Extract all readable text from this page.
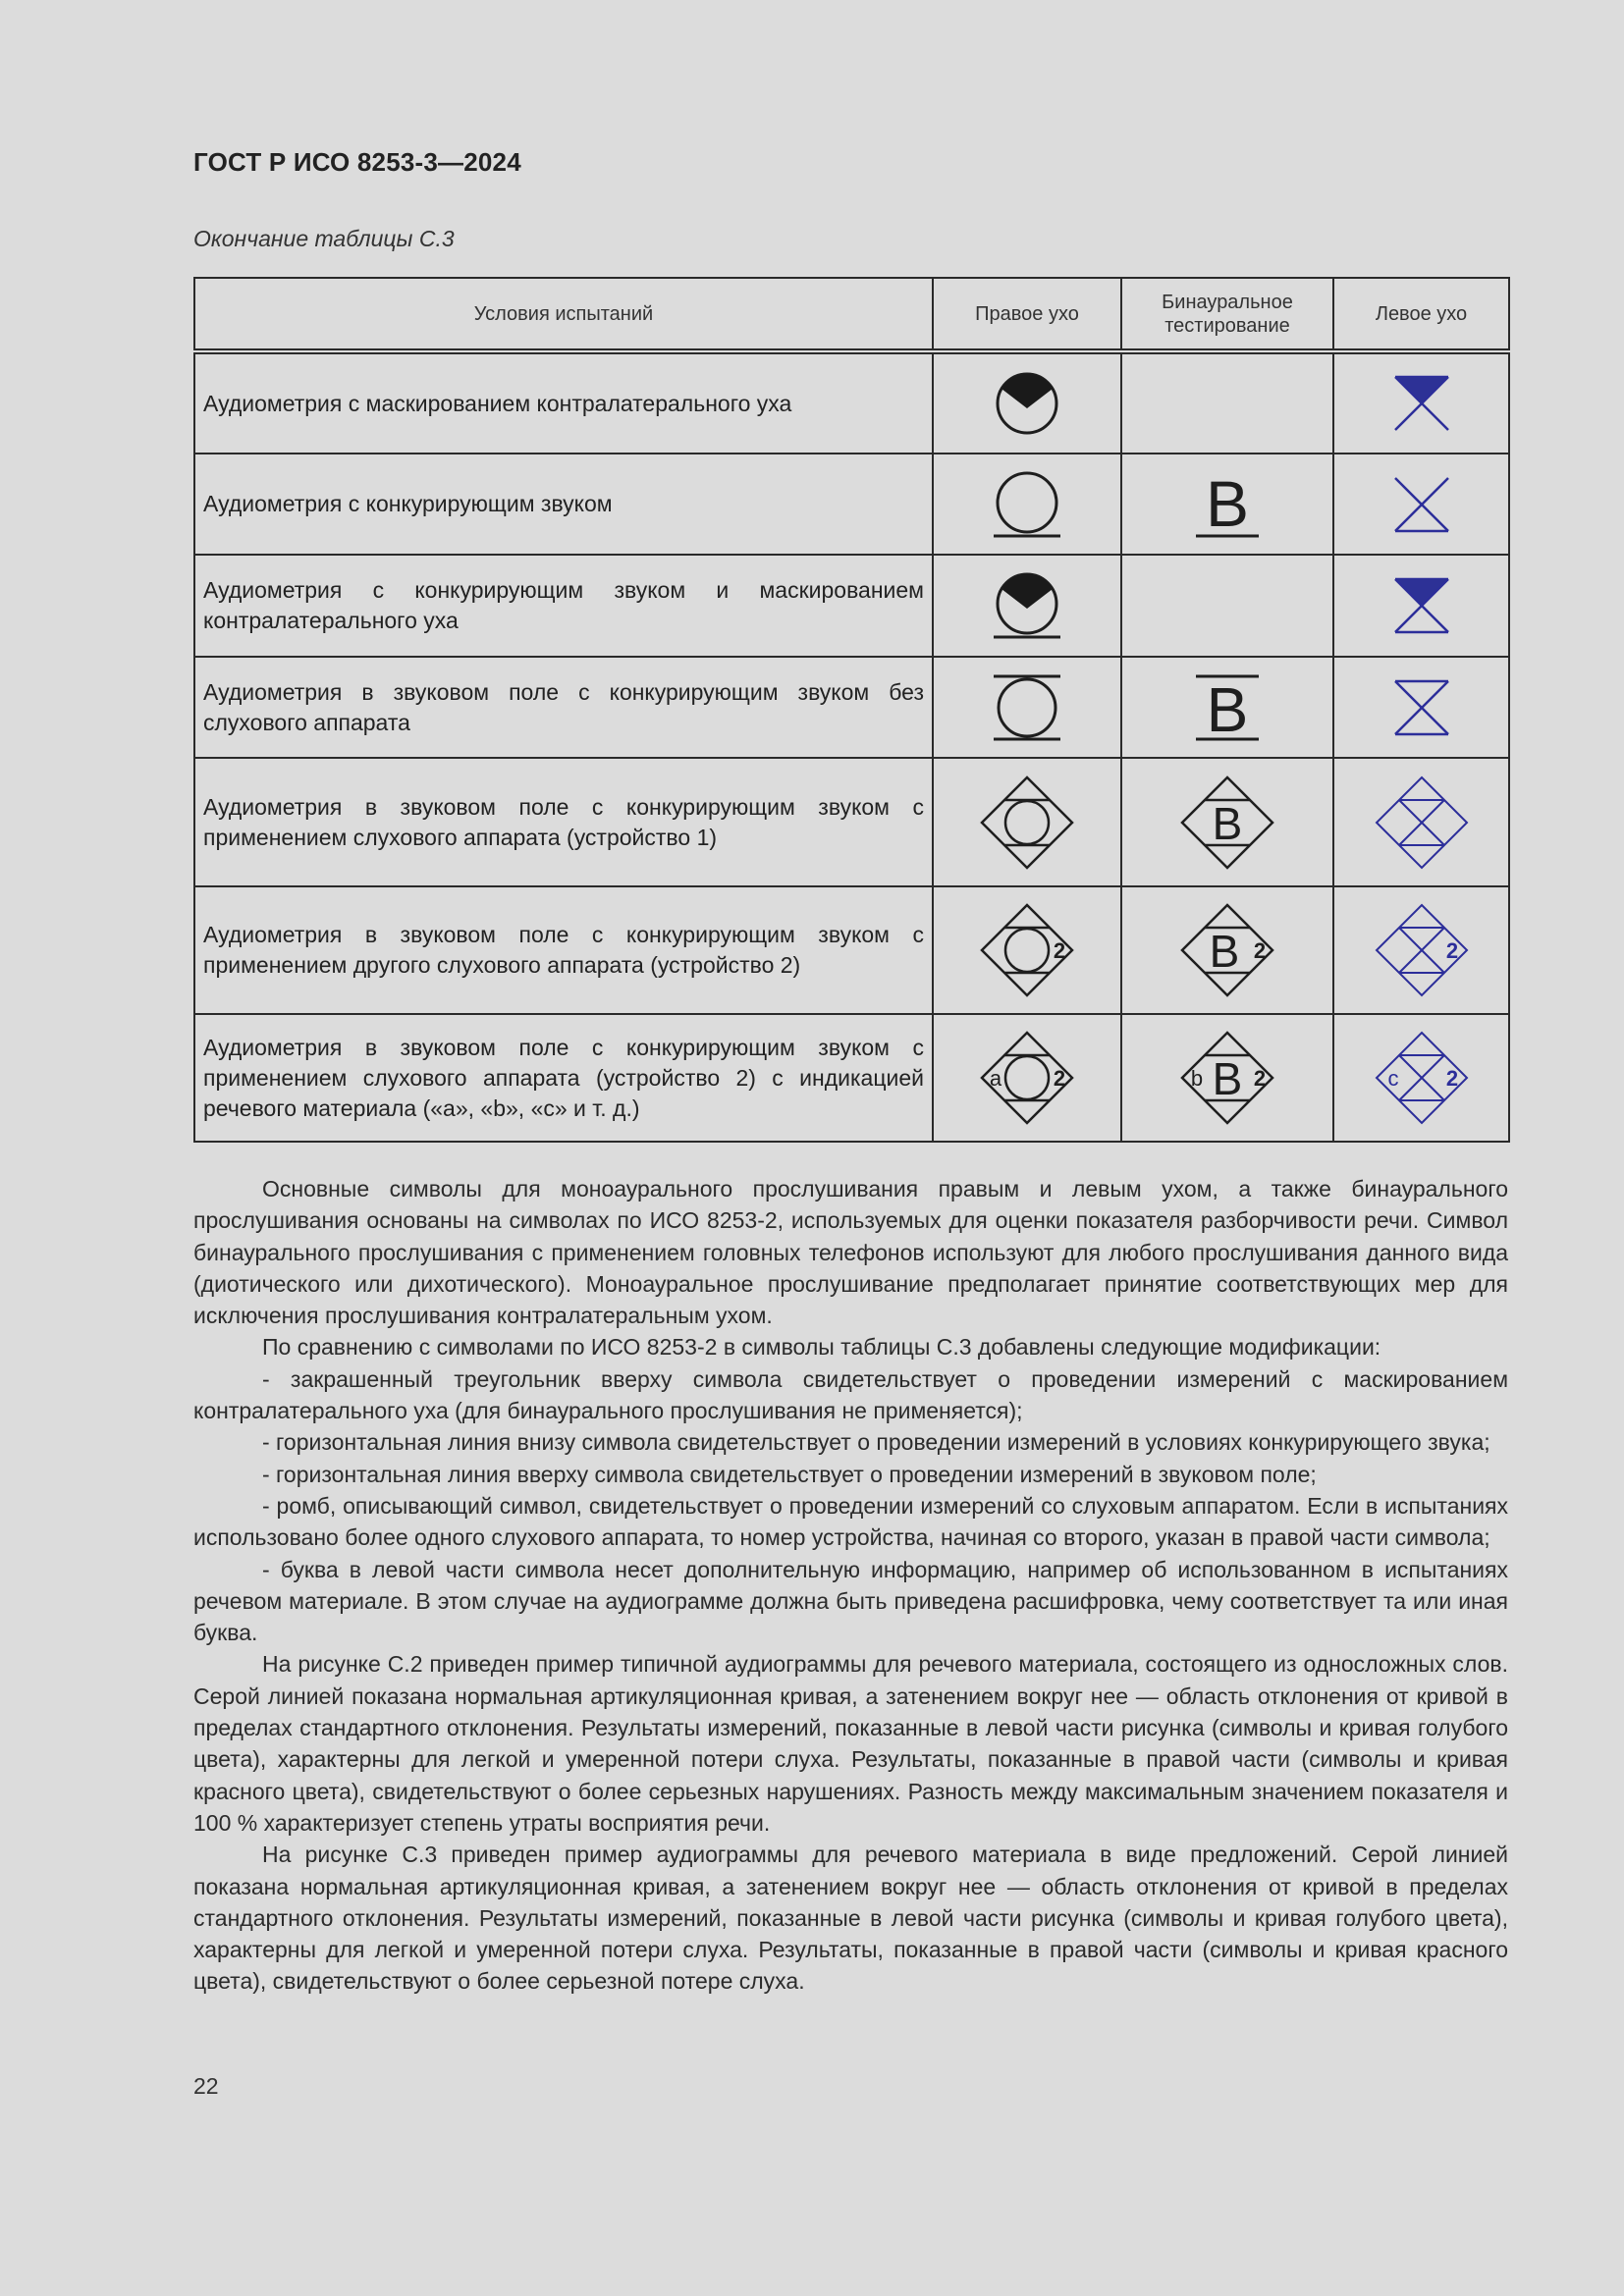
ГОСТ Р ИСО 8253-3—2024
Окончание таблицы С.3
Условия испытаний	Правое ухо	Бинауральное тестирование	Левое ухо
Аудиометрия с маскированием контралатерального уха	

Аудиометрия с конкурирующим звуком		B

Аудиометрия с конкурирующим звуком и маскированием контралатерального уха	

Аудиометрия в звуковом поле с конкурирующим звуком без слухового аппарата		B

Аудиометрия в звуковом поле с конкурирующим звуком с применением слухового аппарата (устройство 1)		B

Аудиометрия в звуковом поле с конкурирующим звуком с применением другого слухового аппарата (устройство 2)	2	B 2	2

Аудиометрия в звуковом поле с конкурирующим звуком с применением слухового аппарата (устройство 2) с индикацией речевого материала («a», «b», «c» и т. д.)	a 2	b B 2	c 2

Основные символы для моноаурального прослушивания правым и левым ухом, а также бинаурального прослушивания основаны на символах по ИСО 8253-2, используемых для оценки показателя разборчивости речи. Символ бинаурального прослушивания с применением головных телефонов используют для любого прослушивания данного вида (диотического или дихотического). Моноауральное прослушивание предполагает принятие соответствующих мер для исключения прослушивания контралатеральным ухом.

По сравнению с символами по ИСО 8253-2 в символы таблицы С.3 добавлены следующие модификации:

- закрашенный треугольник вверху символа свидетельствует о проведении измерений с маскированием контралатерального уха (для бинаурального прослушивания не применяется);

- горизонтальная линия внизу символа свидетельствует о проведении измерений в условиях конкурирующего звука;

- горизонтальная линия вверху символа свидетельствует о проведении измерений в звуковом поле;

- ромб, описывающий символ, свидетельствует о проведении измерений со слуховым аппаратом. Если в испытаниях использовано более одного слухового аппарата, то номер устройства, начиная со второго, указан в правой части символа;

- буква в левой части символа несет дополнительную информацию, например об использованном в испытаниях речевом материале. В этом случае на аудиограмме должна быть приведена расшифровка, чему соответствует та или иная буква.

На рисунке С.2 приведен пример типичной аудиограммы для речевого материала, состоящего из односложных слов. Серой линией показана нормальная артикуляционная кривая, а затенением вокруг нее — область отклонения от кривой в пределах стандартного отклонения. Результаты измерений, показанные в левой части рисунка (символы и кривая голубого цвета), характерны для легкой и умеренной потери слуха. Результаты, показанные в правой части (символы и кривая красного цвета), свидетельствуют о более серьезных нарушениях. Разность между максимальным значением показателя и 100 % характеризует степень утраты восприятия речи.

На рисунке С.3 приведен пример аудиограммы для речевого материала в виде предложений. Серой линией показана нормальная артикуляционная кривая, а затенением вокруг нее — область отклонения от кривой в пределах стандартного отклонения. Результаты измерений, показанные в левой части рисунка (символы и кривая голубого цвета), характерны для легкой и умеренной потери слуха. Результаты, показанные в правой части (символы и кривая красного цвета), свидетельствуют о более серьезной потере слуха.

22
